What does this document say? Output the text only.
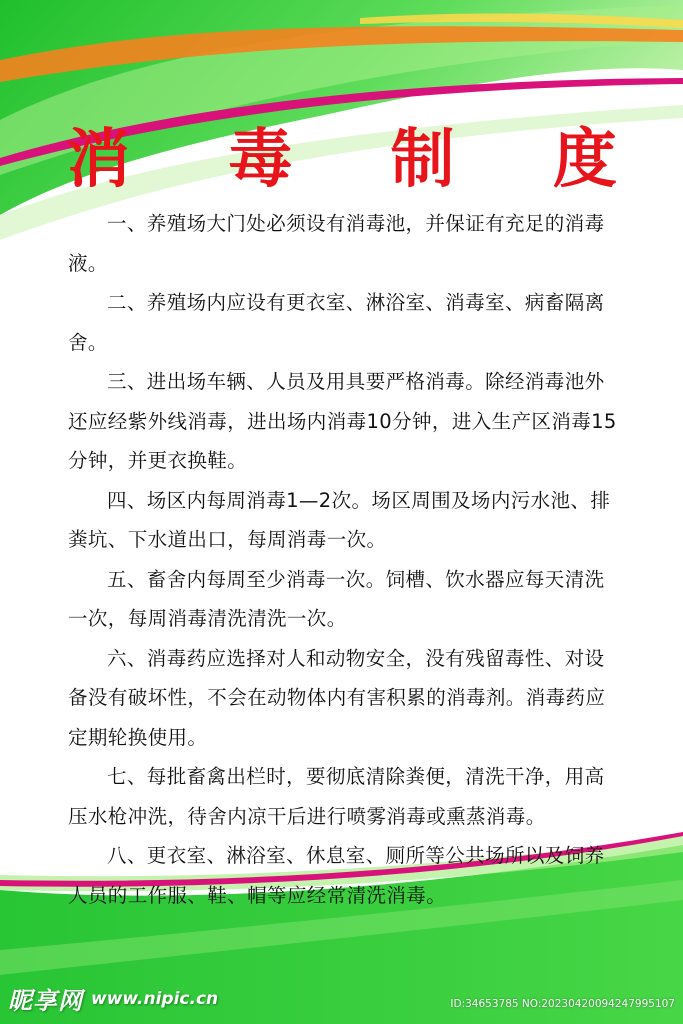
消 毒 制 度
一、养殖场大门处必须设有消毒池，并保证有充足的消毒液。
二、养殖场内应设有更衣室、淋浴室、消毒室、病畜隔离舍。
三、进出场车辆、人员及用具要严格消毒。除经消毒池外还应经紫外线消毒，进出场内消毒10分钟，进入生产区消毒15分钟，并更衣换鞋。
四、场区内每周消毒1—2次。场区周围及场内污水池、排粪坑、下水道出口，每周消毒一次。
五、畜舍内每周至少消毒一次。饲槽、饮水器应每天清洗一次，每周消毒清洗清洗一次。
六、消毒药应选择对人和动物安全，没有残留毒性、对设备没有破坏性，不会在动物体内有害积累的消毒剂。消毒药应定期轮换使用。
七、每批畜禽出栏时，要彻底清除粪便，清洗干净，用高压水枪冲洗，待舍内凉干后进行喷雾消毒或熏蒸消毒。
八、更衣室、淋浴室、休息室、厕所等公共场所以及饲养人员的工作服、鞋、帽等应经常清洗消毒。
昵享网 www.nipic.cn	ID:34653785 NO:20230420094247995107
